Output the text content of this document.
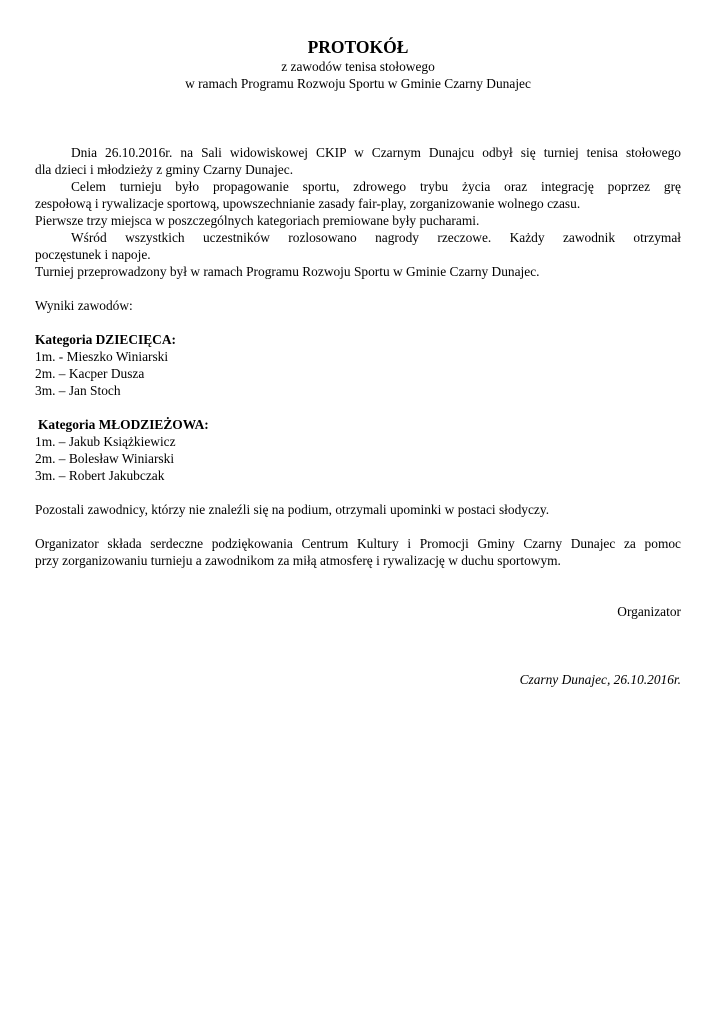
PROTOKÓŁ

z zawodów tenisa stołowego

w ramach Programu Rozwoju Sportu w Gminie Czarny Dunajec

Dnia 26.10.2016r. na Sali widowiskowej CKIP w Czarnym Dunajcu odbył się turniej tenisa stołowego

dla dzieci i młodzieży z gminy Czarny Dunajec.

Celem turnieju było propagowanie sportu, zdrowego trybu życia oraz integrację poprzez grę

zespołową i rywalizacje sportową, upowszechnianie zasady fair-play, zorganizowanie wolnego czasu.

Pierwsze trzy miejsca w poszczególnych kategoriach premiowane były pucharami.

Wśród wszystkich uczestników rozlosowano nagrody rzeczowe. Każdy zawodnik otrzymał

poczęstunek i napoje.

Turniej przeprowadzony był w ramach Programu Rozwoju Sportu w Gminie Czarny Dunajec.

Wyniki zawodów:

Kategoria DZIECIĘCA:

1m. - Mieszko Winiarski

2m. – Kacper Dusza

3m. – Jan Stoch

Kategoria MŁODZIEŻOWA:

1m. – Jakub Książkiewicz

2m. – Bolesław Winiarski

3m. – Robert Jakubczak

Pozostali zawodnicy, którzy nie znaleźli się na podium, otrzymali upominki w postaci słodyczy.

Organizator składa serdeczne podziękowania Centrum Kultury i Promocji Gminy Czarny Dunajec za pomoc

przy zorganizowaniu turnieju a zawodnikom za miłą atmosferę i rywalizację w duchu sportowym.

Organizator

Czarny Dunajec, 26.10.2016r.
